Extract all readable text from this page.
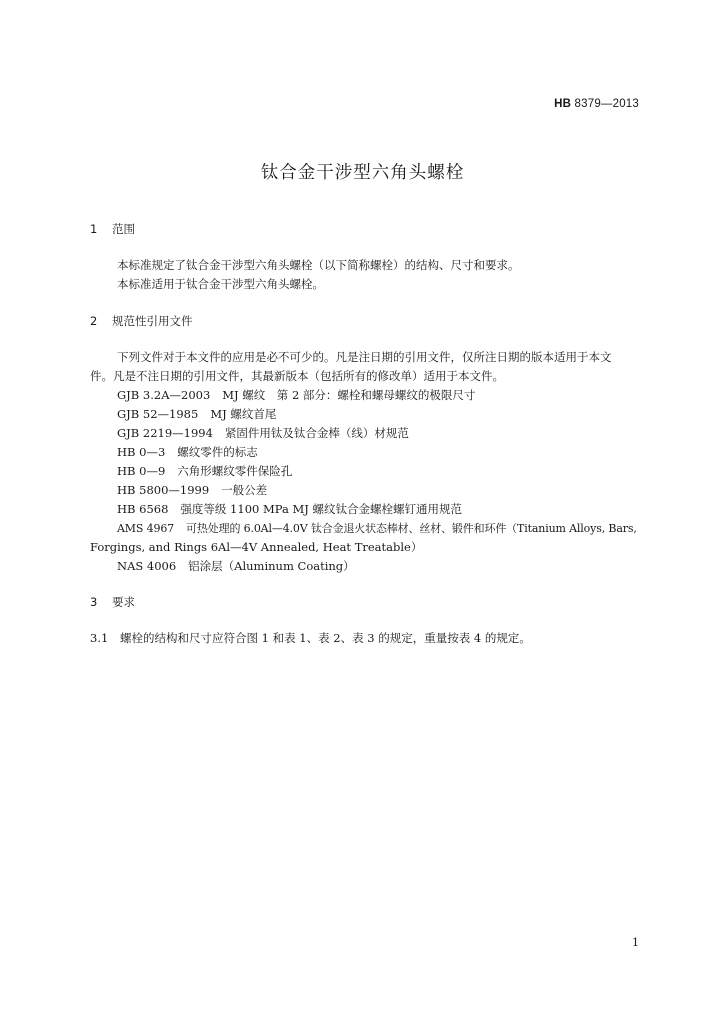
HB 8379—2013
钛合金干涉型六角头螺栓
1 范围
本标准规定了钛合金干涉型六角头螺栓（以下简称螺栓）的结构、尺寸和要求。
本标准适用于钛合金干涉型六角头螺栓。
2 规范性引用文件
下列文件对于本文件的应用是必不可少的。凡是注日期的引用文件，仅所注日期的版本适用于本文
件。凡是不注日期的引用文件，其最新版本（包括所有的修改单）适用于本文件。
GJB 3.2A—2003 MJ 螺纹　第 2 部分：螺栓和螺母螺纹的极限尺寸
GJB 52—1985 MJ 螺纹首尾
GJB 2219—1994 紧固件用钛及钛合金棒（线）材规范
HB 0—3 螺纹零件的标志
HB 0—9 六角形螺纹零件保险孔
HB 5800—1999 一般公差
HB 6568 强度等级 1100 MPa MJ 螺纹钛合金螺栓螺钉通用规范
AMS 4967 可热处理的 6.0Al—4.0V 钛合金退火状态棒材、丝材、锻件和环件（Titanium Alloys, Bars,
Forgings, and Rings 6Al—4V Annealed, Heat Treatable）
NAS 4006 铝涂层（Aluminum Coating）
3 要求
3.1 螺栓的结构和尺寸应符合图 1 和表 1、表 2、表 3 的规定，重量按表 4 的规定。
1
